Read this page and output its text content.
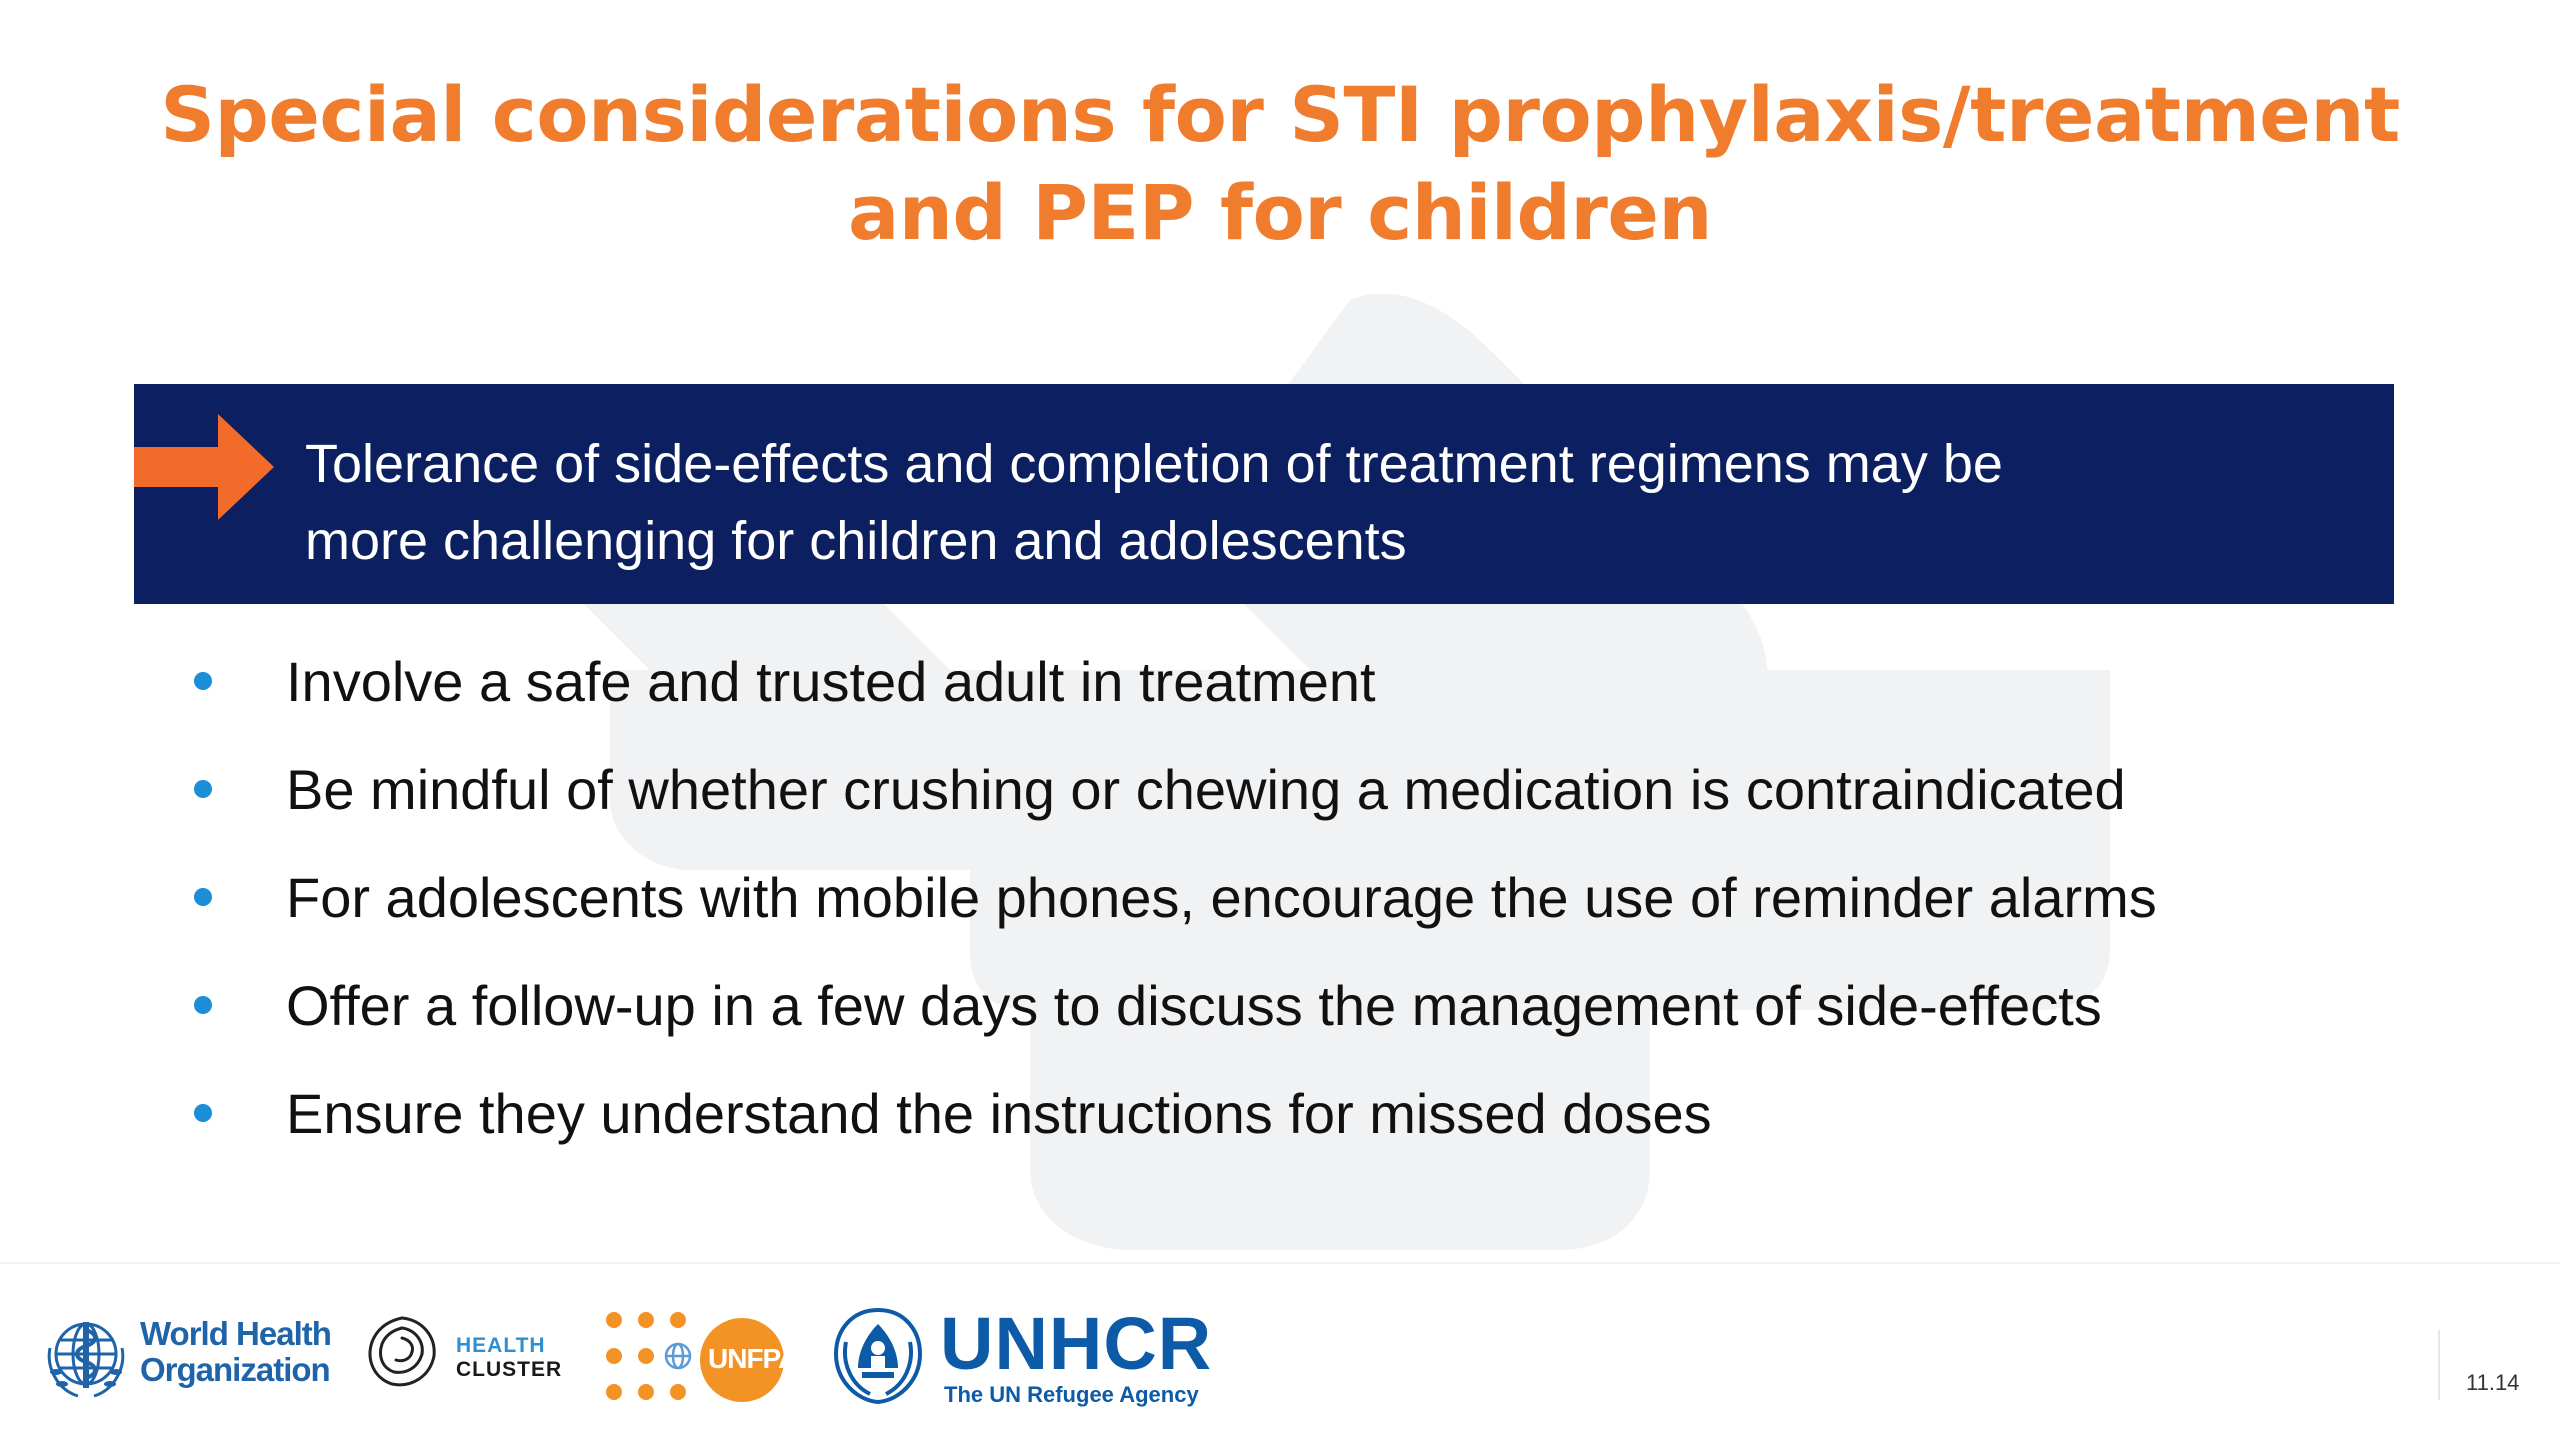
Special considerations for STI prophylaxis/treatment
and PEP for children
Tolerance of side-effects and completion of treatment regimens may be
more challenging for children and adolescents
Involve a safe and trusted adult in treatment
Be mindful of whether crushing or chewing a medication is contraindicated
For adolescents with mobile phones, encourage the use of reminder alarms
Offer a follow-up in a few days to discuss the management of side-effects
Ensure they understand the instructions for missed doses
World Health
Organization
HEALTH
CLUSTER	UNFPA UNHCR
The UN Refugee Agency	11.14
